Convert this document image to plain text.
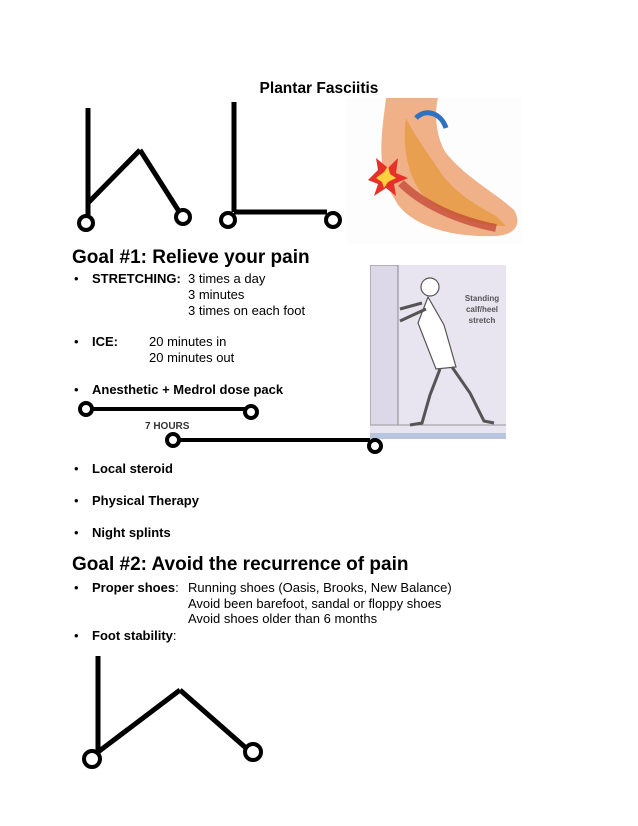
Plantar Fasciitis
Goal #1: Relieve your pain
• STRETCHING: 3 times a day
3 minutes
3 times on each foot
Standing
calf/heel
stretch
• ICE: 20 minutes in
20 minutes out
• Anesthetic + Medrol dose pack
7 HOURS
• Local steroid
• Physical Therapy
• Night splints
Goal #2: Avoid the recurrence of pain
• Proper shoes: Running shoes (Oasis, Brooks, New Balance)
Avoid been barefoot, sandal or floppy shoes
Avoid shoes older than 6 months
• Foot stability:
